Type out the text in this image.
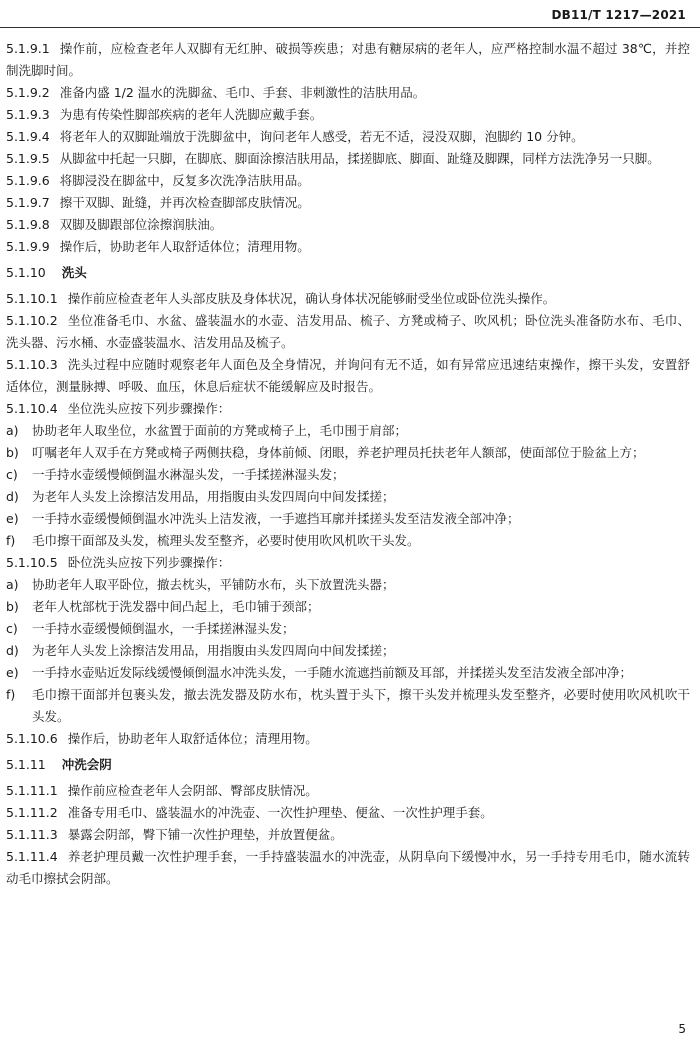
DB11/T 1217—2021

5.1.9.1 操作前，应检查老年人双脚有无红肿、破损等疾患；对患有糖尿病的老年人，应严格控制水温不超过 38℃，并控制洗脚时间。

5.1.9.2 准备内盛 1/2 温水的洗脚盆、毛巾、手套、非刺激性的洁肤用品。

5.1.9.3 为患有传染性脚部疾病的老年人洗脚应戴手套。

5.1.9.4 将老年人的双脚趾端放于洗脚盆中，询问老年人感受，若无不适，浸没双脚，泡脚约 10 分钟。

5.1.9.5 从脚盆中托起一只脚，在脚底、脚面涂擦洁肤用品，揉搓脚底、脚面、趾缝及脚踝，同样方法洗净另一只脚。

5.1.9.6 将脚浸没在脚盆中，反复多次洗净洁肤用品。

5.1.9.7 擦干双脚、趾缝，并再次检查脚部皮肤情况。

5.1.9.8 双脚及脚跟部位涂擦润肤油。

5.1.9.9 操作后，协助老年人取舒适体位；清理用物。

5.1.10 洗头

5.1.10.1 操作前应检查老年人头部皮肤及身体状况，确认身体状况能够耐受坐位或卧位洗头操作。

5.1.10.2 坐位准备毛巾、水盆、盛装温水的水壶、洁发用品、梳子、方凳或椅子、吹风机；卧位洗头准备防水布、毛巾、洗头器、污水桶、水壶盛装温水、洁发用品及梳子。

5.1.10.3 洗头过程中应随时观察老年人面色及全身情况，并询问有无不适，如有异常应迅速结束操作，擦干头发，安置舒适体位，测量脉搏、呼吸、血压，休息后症状不能缓解应及时报告。

5.1.10.4 坐位洗头应按下列步骤操作：

a)	协助老年人取坐位，水盆置于面前的方凳或椅子上，毛巾围于肩部；
b)	叮嘱老年人双手在方凳或椅子两侧扶稳，身体前倾、闭眼，养老护理员托扶老年人额部，使面部位于脸盆上方；
c)	一手持水壶缓慢倾倒温水淋湿头发，一手揉搓淋湿头发；
d)	为老年人头发上涂擦洁发用品，用指腹由头发四周向中间发揉搓；
e)	一手持水壶缓慢倾倒温水冲洗头上洁发液，一手遮挡耳廓并揉搓头发至洁发液全部冲净；
f)	毛巾擦干面部及头发，梳理头发至整齐，必要时使用吹风机吹干头发。

5.1.10.5 卧位洗头应按下列步骤操作：

a)	协助老年人取平卧位，撤去枕头，平铺防水布，头下放置洗头器；
b)	老年人枕部枕于洗发器中间凸起上，毛巾铺于颈部；
c)	一手持水壶缓慢倾倒温水，一手揉搓淋湿头发；
d)	为老年人头发上涂擦洁发用品，用指腹由头发四周向中间发揉搓；
e)	一手持水壶贴近发际线缓慢倾倒温水冲洗头发，一手随水流遮挡前额及耳部，并揉搓头发至洁发液全部冲净；
f)	毛巾擦干面部并包裹头发，撤去洗发器及防水布，枕头置于头下，擦干头发并梳理头发至整齐，必要时使用吹风机吹干头发。

5.1.10.6 操作后，协助老年人取舒适体位；清理用物。

5.1.11 冲洗会阴

5.1.11.1 操作前应检查老年人会阴部、臀部皮肤情况。

5.1.11.2 准备专用毛巾、盛装温水的冲洗壶、一次性护理垫、便盆、一次性护理手套。

5.1.11.3 暴露会阴部，臀下铺一次性护理垫，并放置便盆。

5.1.11.4 养老护理员戴一次性护理手套，一手持盛装温水的冲洗壶，从阴阜向下缓慢冲水，另一手持专用毛巾，随水流转动毛巾擦拭会阴部。

5
